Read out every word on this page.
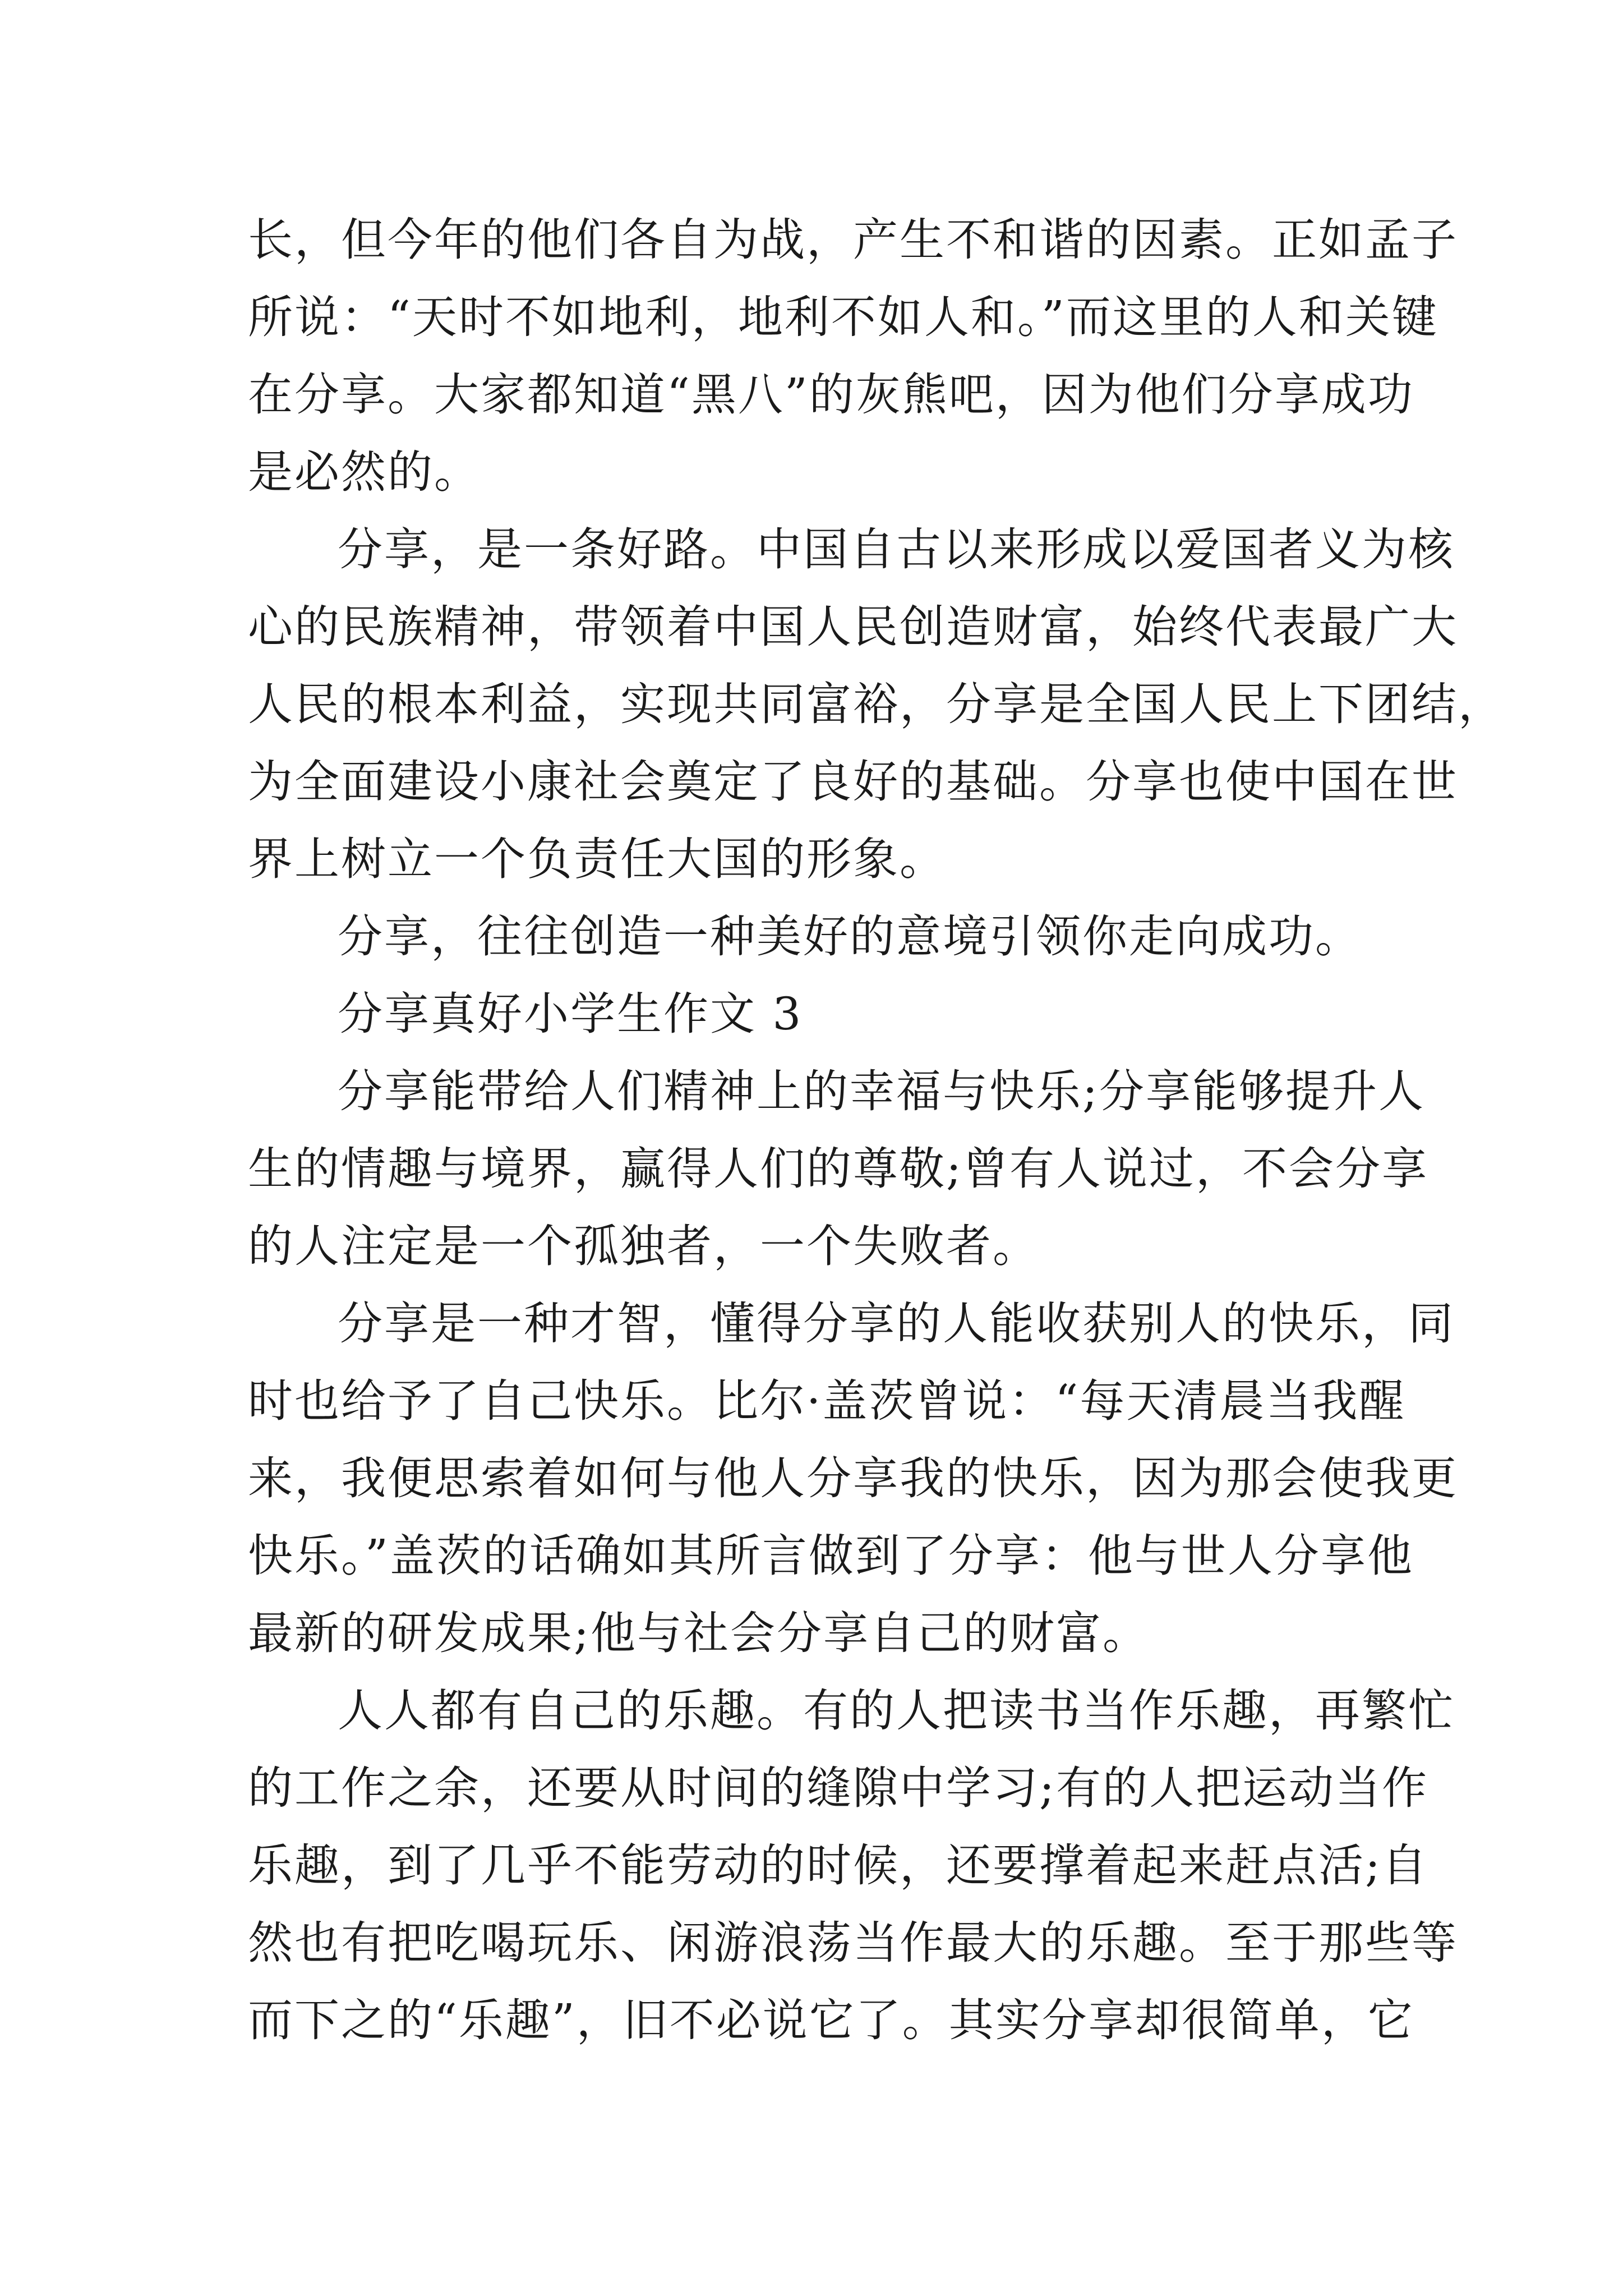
长，但今年的他们各自为战，产生不和谐的因素。正如孟子
所说：“天时不如地利，地利不如人和。”而这里的人和关键
在分享。大家都知道“黑八”的灰熊吧，因为他们分享成功
是必然的。
分享，是一条好路。中国自古以来形成以爱国者义为核
心的民族精神，带领着中国人民创造财富，始终代表最广大
人民的根本利益，实现共同富裕，分享是全国人民上下团结，
为全面建设小康社会奠定了良好的基础。分享也使中国在世
界上树立一个负责任大国的形象。
分享，往往创造一种美好的意境引领你走向成功。
分享真好小学生作文 3
分享能带给人们精神上的幸福与快乐;分享能够提升人
生的情趣与境界，赢得人们的尊敬;曾有人说过，不会分享
的人注定是一个孤独者，一个失败者。
分享是一种才智，懂得分享的人能收获别人的快乐，同
时也给予了自己快乐。比尔·盖茨曾说：“每天清晨当我醒
来，我便思索着如何与他人分享我的快乐，因为那会使我更
快乐。”盖茨的话确如其所言做到了分享：他与世人分享他
最新的研发成果;他与社会分享自己的财富。
人人都有自己的乐趣。有的人把读书当作乐趣，再繁忙
的工作之余，还要从时间的缝隙中学习;有的人把运动当作
乐趣，到了几乎不能劳动的时候，还要撑着起来赶点活;自
然也有把吃喝玩乐、闲游浪荡当作最大的乐趣。至于那些等
而下之的“乐趣”，旧不必说它了。其实分享却很简单，它
